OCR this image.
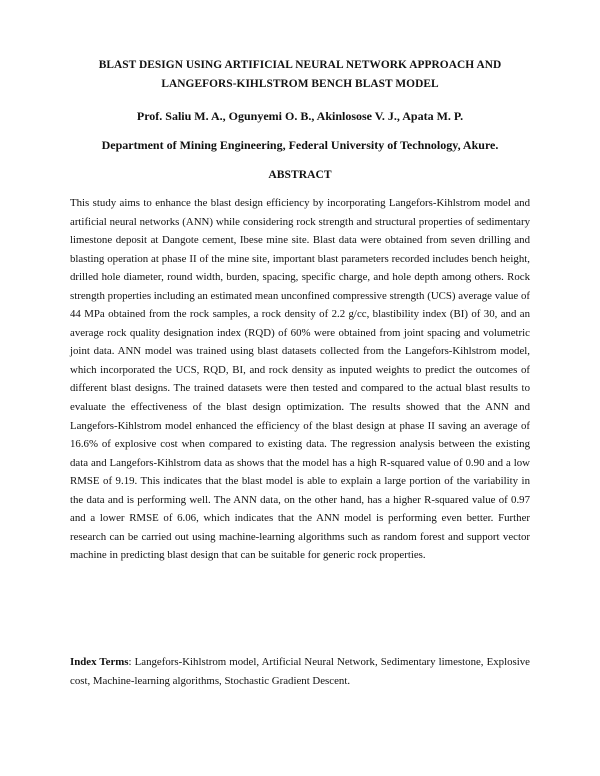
BLAST DESIGN USING ARTIFICIAL NEURAL NETWORK APPROACH AND
LANGEFORS-KIHLSTROM BENCH BLAST MODEL
Prof. Saliu M. A., Ogunyemi O. B., Akinlosose V. J., Apata M. P.
Department of Mining Engineering, Federal University of Technology, Akure.
ABSTRACT

This study aims to enhance the blast design efficiency by incorporating Langefors-Kihlstrom model and artificial neural networks (ANN) while considering rock strength and structural properties of sedimentary limestone deposit at Dangote cement, Ibese mine site. Blast data were obtained from seven drilling and blasting operation at phase II of the mine site, important blast parameters recorded includes bench height, drilled hole diameter, round width, burden, spacing, specific charge, and hole depth among others. Rock strength properties including an estimated mean unconfined compressive strength (UCS) average value of 44 MPa obtained from the rock samples, a rock density of 2.2 g/cc, blastibility index (BI) of 30, and an average rock quality designation index (RQD) of 60% were obtained from joint spacing and volumetric joint data. ANN model was trained using blast datasets collected from the Langefors-Kihlstrom model, which incorporated the UCS, RQD, BI, and rock density as inputed weights to predict the outcomes of different blast designs. The trained datasets were then tested and compared to the actual blast results to evaluate the effectiveness of the blast design optimization. The results showed that the ANN and Langefors-Kihlstrom model enhanced the efficiency of the blast design at phase II saving an average of 16.6% of explosive cost when compared to existing data. The regression analysis between the existing data and Langefors-Kihlstrom data as shows that the model has a high R-squared value of 0.90 and a low RMSE of 9.19. This indicates that the blast model is able to explain a large portion of the variability in the data and is performing well. The ANN data, on the other hand, has a higher R-squared value of 0.97 and a lower RMSE of 6.06, which indicates that the ANN model is performing even better. Further research can be carried out using machine-learning algorithms such as random forest and support vector machine in predicting blast design that can be suitable for generic rock properties.

Index Terms: Langefors-Kihlstrom model, Artificial Neural Network, Sedimentary limestone, Explosive cost, Machine-learning algorithms, Stochastic Gradient Descent.
